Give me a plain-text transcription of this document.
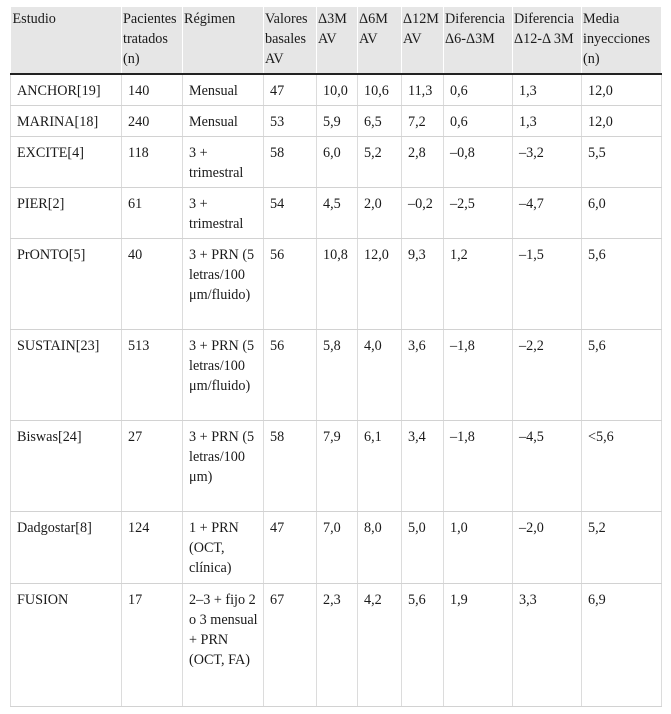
Estudio	Pacientes tratados (n)	Régimen	Valores basales AV	Δ3M AV	Δ6M AV	Δ12M AV	Diferencia Δ6-Δ3M	Diferencia Δ12-Δ 3M	Media inyecciones (n)
ANCHOR[19]	140	Mensual	47	10,0	10,6	11,3	0,6	1,3	12,0
MARINA[18]	240	Mensual	53	5,9	6,5	7,2	0,6	1,3	12,0
EXCITE[4]	118	3 + trimestral	58	6,0	5,2	2,8	–0,8	–3,2	5,5
PIER[2]	61	3 + trimestral	54	4,5	2,0	–0,2	–2,5	–4,7	6,0
PrONTO[5]	40	3 + PRN (5 letras/100 μm/fluido)	56	10,8	12,0	9,3	1,2	–1,5	5,6
SUSTAIN[23]	513	3 + PRN (5 letras/100 μm/fluido)	56	5,8	4,0	3,6	–1,8	–2,2	5,6
Biswas[24]	27	3 + PRN (5 letras/100 μm)	58	7,9	6,1	3,4	–1,8	–4,5	<5,6
Dadgostar[8]	124	1 + PRN (OCT, clínica)	47	7,0	8,0	5,0	1,0	–2,0	5,2
FUSION	17	2–3 + fijo 2 o 3 mensual + PRN (OCT, FA)	67	2,3	4,2	5,6	1,9	3,3	6,9
